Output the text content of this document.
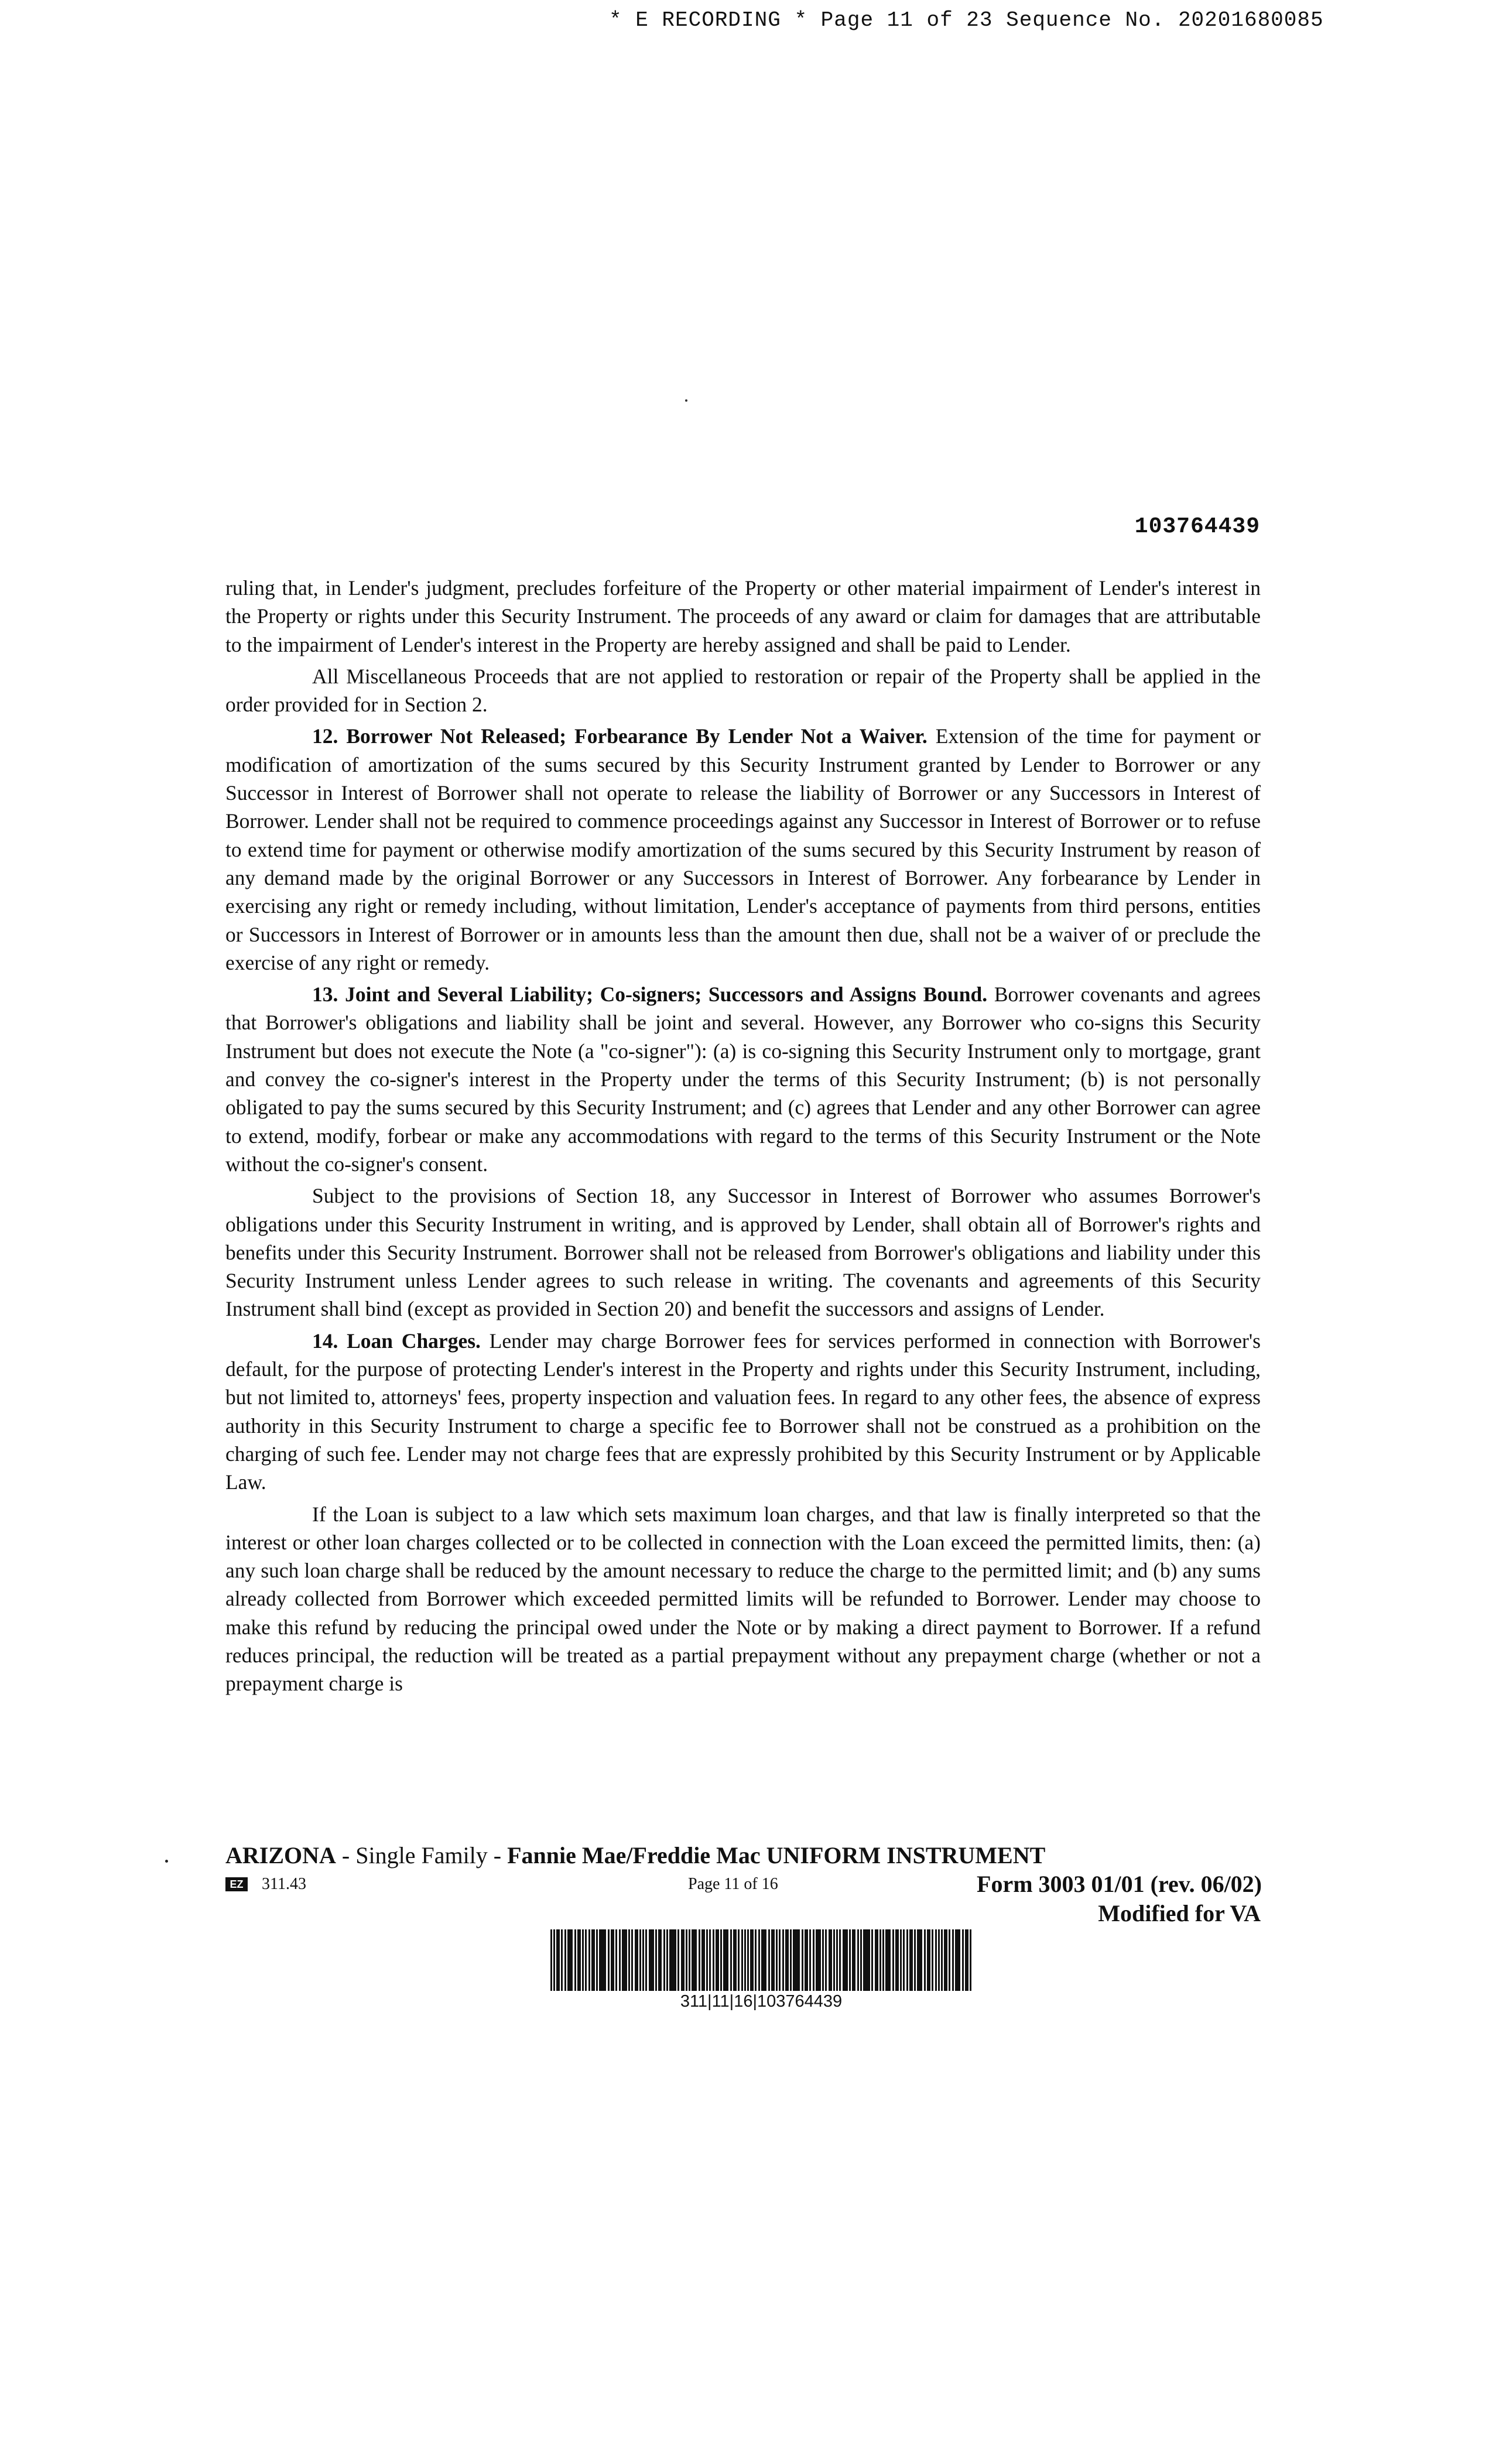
* E RECORDING * Page 11 of 23 Sequence No. 20201680085
103764439

ruling that, in Lender's judgment, precludes forfeiture of the Property or other material impairment of Lender's interest in the Property or rights under this Security Instrument. The proceeds of any award or claim for damages that are attributable to the impairment of Lender's interest in the Property are hereby assigned and shall be paid to Lender.

All Miscellaneous Proceeds that are not applied to restoration or repair of the Property shall be applied in the order provided for in Section 2.

12. Borrower Not Released; Forbearance By Lender Not a Waiver. Extension of the time for payment or modification of amortization of the sums secured by this Security Instrument granted by Lender to Borrower or any Successor in Interest of Borrower shall not operate to release the liability of Borrower or any Successors in Interest of Borrower. Lender shall not be required to commence proceedings against any Successor in Interest of Borrower or to refuse to extend time for payment or otherwise modify amortization of the sums secured by this Security Instrument by reason of any demand made by the original Borrower or any Successors in Interest of Borrower. Any forbearance by Lender in exercising any right or remedy including, without limitation, Lender's acceptance of payments from third persons, entities or Successors in Interest of Borrower or in amounts less than the amount then due, shall not be a waiver of or preclude the exercise of any right or remedy.

13. Joint and Several Liability; Co-signers; Successors and Assigns Bound. Borrower covenants and agrees that Borrower's obligations and liability shall be joint and several. However, any Borrower who co-signs this Security Instrument but does not execute the Note (a "co-signer"): (a) is co-signing this Security Instrument only to mortgage, grant and convey the co-signer's interest in the Property under the terms of this Security Instrument; (b) is not personally obligated to pay the sums secured by this Security Instrument; and (c) agrees that Lender and any other Borrower can agree to extend, modify, forbear or make any accommodations with regard to the terms of this Security Instrument or the Note without the co-signer's consent.

Subject to the provisions of Section 18, any Successor in Interest of Borrower who assumes Borrower's obligations under this Security Instrument in writing, and is approved by Lender, shall obtain all of Borrower's rights and benefits under this Security Instrument. Borrower shall not be released from Borrower's obligations and liability under this Security Instrument unless Lender agrees to such release in writing. The covenants and agreements of this Security Instrument shall bind (except as provided in Section 20) and benefit the successors and assigns of Lender.

14. Loan Charges. Lender may charge Borrower fees for services performed in connection with Borrower's default, for the purpose of protecting Lender's interest in the Property and rights under this Security Instrument, including, but not limited to, attorneys' fees, property inspection and valuation fees. In regard to any other fees, the absence of express authority in this Security Instrument to charge a specific fee to Borrower shall not be construed as a prohibition on the charging of such fee. Lender may not charge fees that are expressly prohibited by this Security Instrument or by Applicable Law.

If the Loan is subject to a law which sets maximum loan charges, and that law is finally interpreted so that the interest or other loan charges collected or to be collected in connection with the Loan exceed the permitted limits, then: (a) any such loan charge shall be reduced by the amount necessary to reduce the charge to the permitted limit; and (b) any sums already collected from Borrower which exceeded permitted limits will be refunded to Borrower. Lender may choose to make this refund by reducing the principal owed under the Note or by making a direct payment to Borrower. If a refund reduces principal, the reduction will be treated as a partial prepayment without any prepayment charge (whether or not a prepayment charge is

ARIZONA - Single Family - Fannie Mae/Freddie Mac UNIFORM INSTRUMENT
EZ 311.43	Page 11 of 16	Form 3003 01/01 (rev. 06/02)
Modified for VA
311|11|16|103764439
